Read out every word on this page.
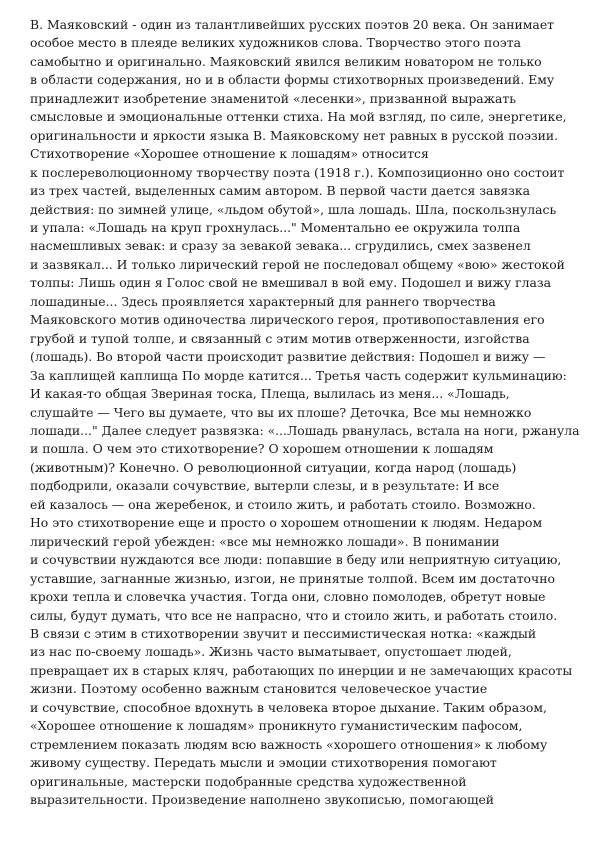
В. Маяковский - один из талантливейших русских поэтов 20 века. Он занимает
особое место в плеяде великих художников слова. Творчество этого поэта
самобытно и оригинально. Маяковский явился великим новатором не только
в области содержания, но и в области формы стихотворных произведений. Ему
принадлежит изобретение знаменитой «лесенки», призванной выражать
смысловые и эмоциональные оттенки стиха. На мой взгляд, по силе, энергетике,
оригинальности и яркости языка В. Маяковскому нет равных в русской поэзии.
Стихотворение «Хорошее отношение к лошадям» относится
к послереволюционному творчеству поэта (1918 г.). Композиционно оно состоит
из трех частей, выделенных самим автором. В первой части дается завязка
действия: по зимней улице, «льдом обутой», шла лошадь. Шла, поскользнулась
и упала: «Лошадь на круп грохнулась..." Моментально ее окружила толпа
насмешливых зевак: и сразу за зевакой зевака... сгрудились, смех зазвенел
и зазвякал... И только лирический герой не последовал общему «вою» жестокой
толпы: Лишь один я Голос свой не вмешивал в вой ему. Подошел и вижу глаза
лошадиные... Здесь проявляется характерный для раннего творчества
Маяковского мотив одиночества лирического героя, противопоставления его
грубой и тупой толпе, и связанный с этим мотив отверженности, изгойства
(лошадь). Во второй части происходит развитие действия: Подошел и вижу —
За каплищей каплища По морде катится... Третья часть содержит кульминацию:
И какая-то общая Звериная тоска, Плеща, вылилась из меня... «Лошадь,
слушайте — Чего вы думаете, что вы их плоше? Деточка, Все мы немножко
лошади..." Далее следует развязка: «...Лошадь рванулась, встала на ноги, ржанула
и пошла. О чем это стихотворение? О хорошем отношении к лошадям
(животным)? Конечно. О революционной ситуации, когда народ (лошадь)
подбодрили, оказали сочувствие, вытерли слезы, и в результате: И все
ей казалось — она жеребенок, и стоило жить, и работать стоило. Возможно.
Но это стихотворение еще и просто о хорошем отношении к людям. Недаром
лирический герой убежден: «все мы немножко лошади». В понимании
и сочувствии нуждаются все люди: попавшие в беду или неприятную ситуацию,
уставшие, загнанные жизнью, изгои, не принятые толпой. Всем им достаточно
крохи тепла и словечка участия. Тогда они, словно помолодев, обретут новые
силы, будут думать, что все не напрасно, что и стоило жить, и работать стоило.
В связи с этим в стихотворении звучит и пессимистическая нотка: «каждый
из нас по-своему лошадь». Жизнь часто выматывает, опустошает людей,
превращает их в старых кляч, работающих по инерции и не замечающих красоты
жизни. Поэтому особенно важным становится человеческое участие
и сочувствие, способное вдохнуть в человека второе дыхание. Таким образом,
«Хорошее отношение к лошадям» проникнуто гуманистическим пафосом,
стремлением показать людям всю важность «хорошего отношения» к любому
живому существу. Передать мысли и эмоции стихотворения помогают
оригинальные, мастерски подобранные средства художественной
выразительности. Произведение наполнено звукописью, помогающей
